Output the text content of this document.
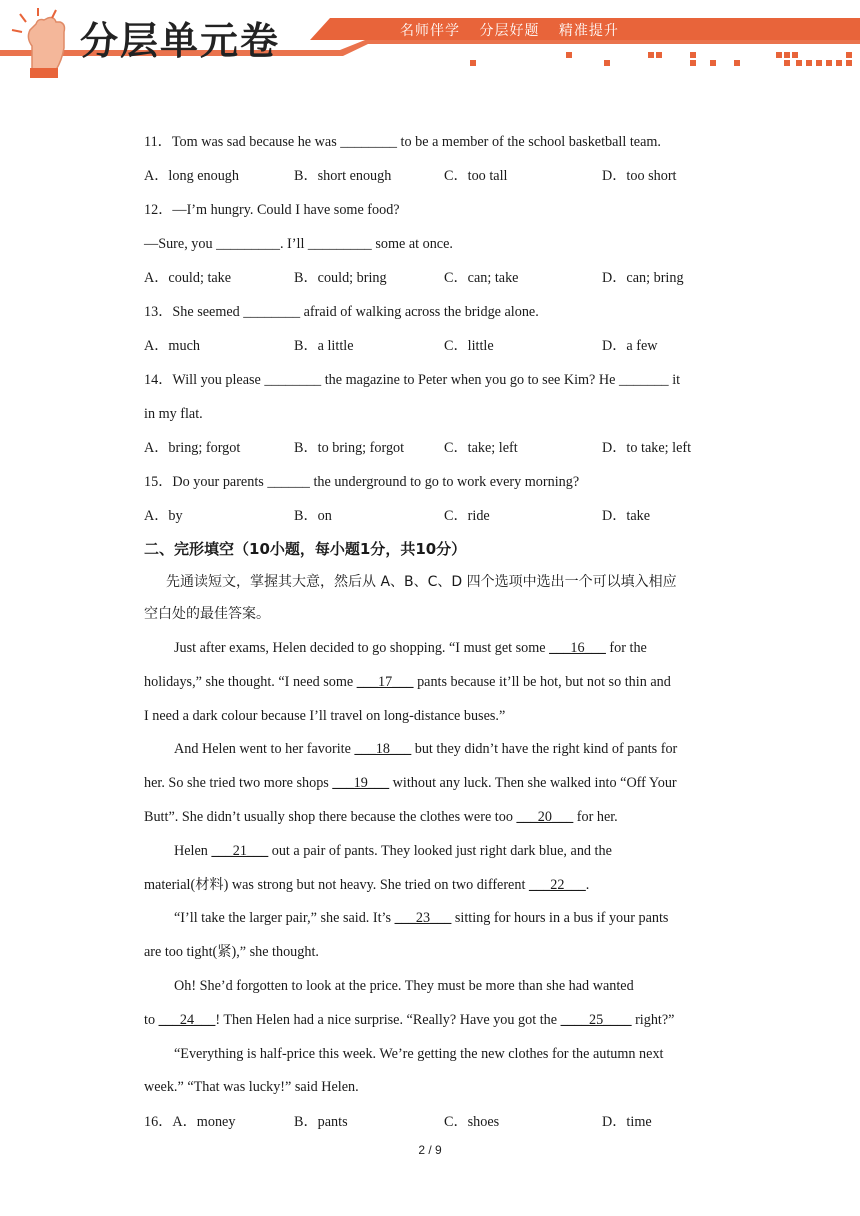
分层单元卷	名师伴学 分层好题 精准提升
11．Tom was sad because he was ________ to be a member of the school basketball team.
A．long enough	B．short enough	C．too tall	D．too short
12．—I’m hungry. Could I have some food?
—Sure, you _________. I’ll _________ some at once.
A．could; take	B．could; bring	C．can; take	D．can; bring
13．She seemed ________ afraid of walking across the bridge alone.
A．much	B．a little	C．little	D．a few
14．Will you please ________ the magazine to Peter when you go to see Kim? He _______ it
in my flat.
A．bring; forgot	B．to bring; forgot	C．take; left	D．to take; left
15．Do your parents ______ the underground to go to work every morning?
A．by	B．on	C．ride	D．take
二、完形填空（10小题，每小题1分，共10分）
先通读短文，掌握其大意，然后从 A、B、C、D 四个选项中选出一个可以填入相应
空白处的最佳答案。
Just after exams, Helen decided to go shopping. “I must get some ___16___ for the
holidays,” she thought. “I need some ___17___ pants because it’ll be hot, but not so thin and
I need a dark colour because I’ll travel on long-distance buses.”
And Helen went to her favorite ___18___ but they didn’t have the right kind of pants for
her. So she tried two more shops ___19___ without any luck. Then she walked into “Off Your
Butt”. She didn’t usually shop there because the clothes were too ___20___ for her.
Helen ___21___ out a pair of pants. They looked just right dark blue, and the
material(材料) was strong but not heavy. She tried on two different ___22___.
“I’ll take the larger pair,” she said. It’s ___23___ sitting for hours in a bus if your pants
are too tight(紧),” she thought.
Oh! She’d forgotten to look at the price. They must be more than she had wanted
to ___24___! Then Helen had a nice surprise. “Really? Have you got the ____25____ right?”
“Everything is half-price this week. We’re getting the new clothes for the autumn next
week.” “That was lucky!” said Helen.
16．A．money	B．pants	C．shoes	D．time
2 / 9
